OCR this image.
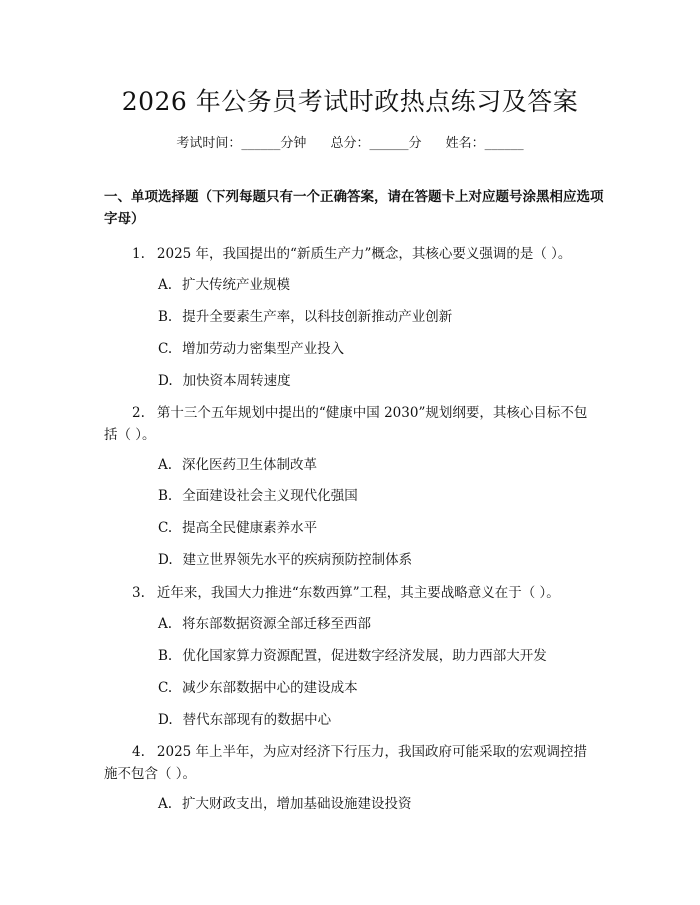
2026 年公务员考试时政热点练习及答案
考试时间：______分钟 总分：______分 姓名：______
一、单项选择题（下列每题只有一个正确答案，请在答题卡上对应题号涂黑相应选项字母）
1. 2025 年，我国提出的“新质生产力”概念，其核心要义强调的是（ ）。
A. 扩大传统产业规模
B. 提升全要素生产率，以科技创新推动产业创新
C. 增加劳动力密集型产业投入
D. 加快资本周转速度
2. 第十三个五年规划中提出的“健康中国 2030”规划纲要，其核心目标不包括（ ）。
A. 深化医药卫生体制改革
B. 全面建设社会主义现代化强国
C. 提高全民健康素养水平
D. 建立世界领先水平的疾病预防控制体系
3. 近年来，我国大力推进“东数西算”工程，其主要战略意义在于（ ）。
A. 将东部数据资源全部迁移至西部
B. 优化国家算力资源配置，促进数字经济发展，助力西部大开发
C. 减少东部数据中心的建设成本
D. 替代东部现有的数据中心
4. 2025 年上半年，为应对经济下行压力，我国政府可能采取的宏观调控措施不包含（ ）。
A. 扩大财政支出，增加基础设施建设投资
